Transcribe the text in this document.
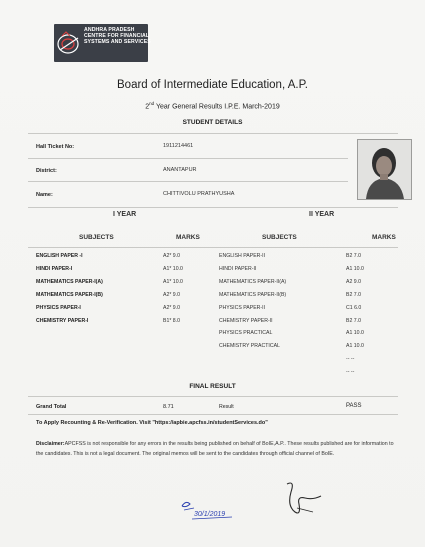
ANDHRA PRADESH
CENTRE FOR FINANCIAL
SYSTEMS AND SERVICES
Board of Intermediate Education, A.P.
2nd Year General Results I.P.E. March-2019
STUDENT DETAILS
Hall Ticket No:	1911214461
District:	ANANTAPUR
Name:	CHITTIVOLU PRATHYUSHA
I YEAR	II YEAR
SUBJECTS	MARKS	SUBJECTS	MARKS
ENGLISH PAPER -I	A2* 9.0
HINDI PAPER-I	A1* 10.0
MATHEMATICS PAPER-I(A)	A1* 10.0
MATHEMATICS PAPER-I(B)	A2* 9.0
PHYSICS PAPER-I	A2* 9.0
CHEMISTRY PAPER-I	B1* 8.0
ENGLISH PAPER-II	B2 7.0
HINDI PAPER-II	A1 10.0
MATHEMATICS PAPER-II(A)	A2 9.0
MATHEMATICS PAPER-II(B)	B2 7.0
PHYSICS PAPER-II	C1 6.0
CHEMISTRY PAPER-II	B2 7.0
PHYSICS PRACTICAL	A1 10.0
CHEMISTRY PRACTICAL	A1 10.0
-- --
-- --
FINAL RESULT
Grand Total	8.71	Result	PASS
To Apply Recounting & Re-Verification. Visit "https://apbie.apcfss.in/studentServices.do"
Disclaimer:APCFSS is not responsible for any errors in the results being published on behalf of BoIE,A.P.. These results published are for information to the candidates. This is not a legal document. The original memos will be sent to the candidates through official channel of BoIE.
30/1/2019
